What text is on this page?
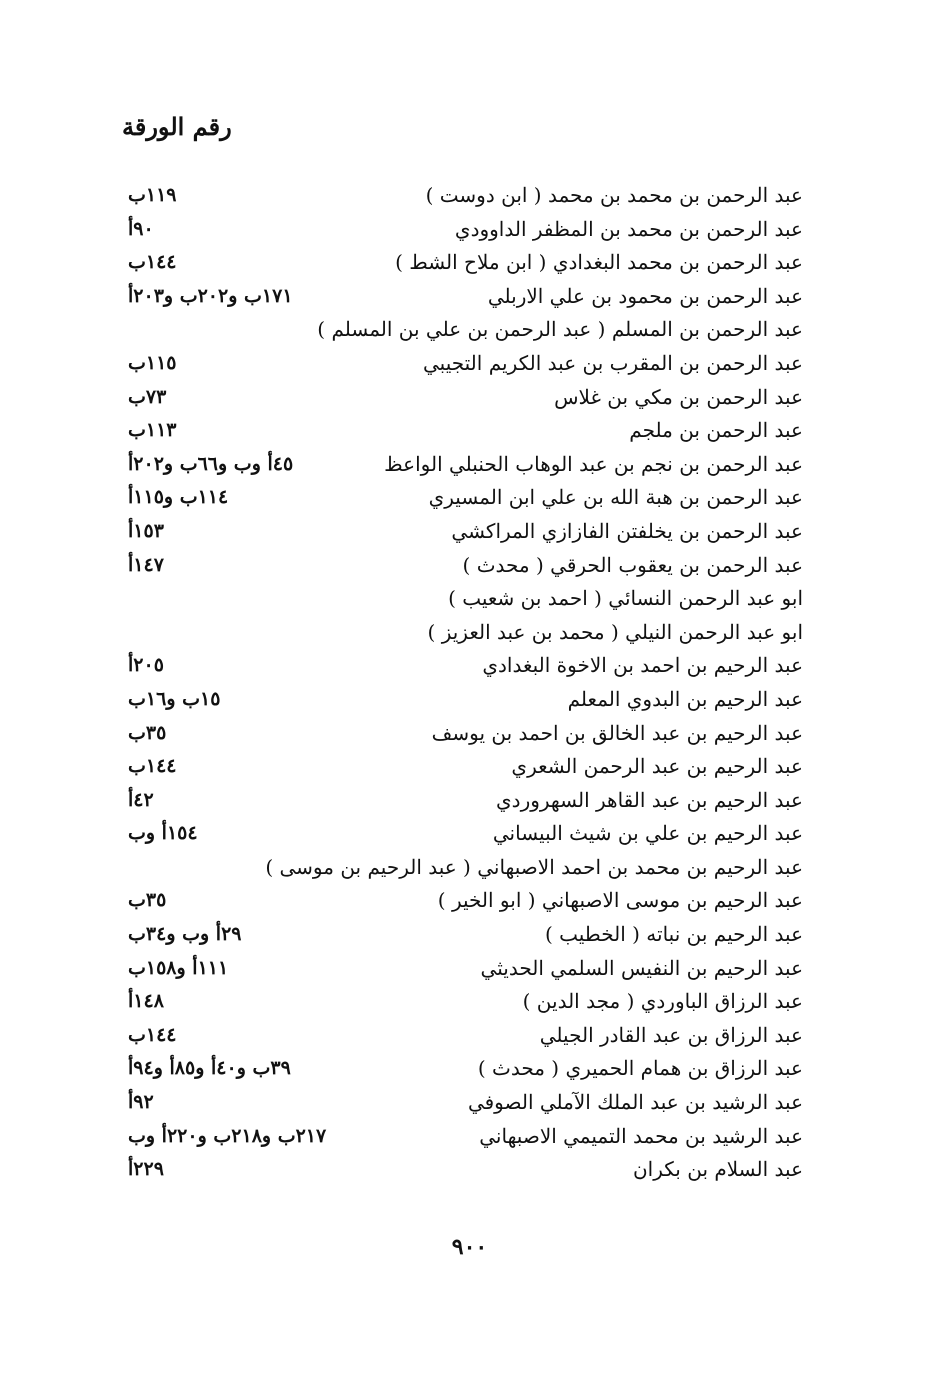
رقم الورقة
عبد الرحمن بن محمد بن محمد ( ابن دوست )
١١٩ب
عبد الرحمن بن محمد بن المظفر الداوودي
٩٠أ
عبد الرحمن بن محمد البغدادي ( ابن ملاح الشط )
١٤٤ب
عبد الرحمن بن محمود بن علي الاربلي
١٧١ب و٢٠٢ب و٢٠٣أ
عبد الرحمن بن المسلم ( عبد الرحمن بن علي بن المسلم )
عبد الرحمن بن المقرب بن عبد الكريم التجيبي
١١٥ب
عبد الرحمن بن مكي بن غلاس
٧٣ب
عبد الرحمن بن ملجم
١١٣ب
عبد الرحمن بن نجم بن عبد الوهاب الحنبلي الواعظ
٤٥أ وب و٦٦ب و٢٠٢أ
عبد الرحمن بن هبة الله بن علي ابن المسيري
١١٤ب و١١٥أ
عبد الرحمن بن يخلفتن الفازازي المراكشي
١٥٣أ
عبد الرحمن بن يعقوب الحرقي ( محدث )
١٤٧أ
ابو عبد الرحمن النسائي ( احمد بن شعيب )
ابو عبد الرحمن النيلي ( محمد بن عبد العزيز )
عبد الرحيم بن احمد بن الاخوة البغدادي
٢٠٥أ
عبد الرحيم بن البدوي المعلم
١٥ب و١٦ب
عبد الرحيم بن عبد الخالق بن احمد بن يوسف
٣٥ب
عبد الرحيم بن عبد الرحمن الشعري
١٤٤ب
عبد الرحيم بن عبد القاهر السهروردي
٤٢أ
عبد الرحيم بن علي بن شيث البيساني
١٥٤أ وب
عبد الرحيم بن محمد بن احمد الاصبهاني ( عبد الرحيم بن موسى )
عبد الرحيم بن موسى الاصبهاني ( ابو الخير )
٣٥ب
عبد الرحيم بن نباته ( الخطيب )
٢٩أ وب و٣٤ب
عبد الرحيم بن النفيس السلمي الحديثي
١١١أ و١٥٨ب
عبد الرزاق الباوردي ( مجد الدين )
١٤٨أ
عبد الرزاق بن عبد القادر الجيلي
١٤٤ب
عبد الرزاق بن همام الحميري ( محدث )
٣٩ب و٤٠أ و٨٥أ و٩٤أ
عبد الرشيد بن عبد الملك الآملي الصوفي
٩٢أ
عبد الرشيد بن محمد التميمي الاصبهاني
٢١٧ب و٢١٨ب و٢٢٠أ وب
عبد السلام بن بكران
٢٢٩أ
٩٠٠
